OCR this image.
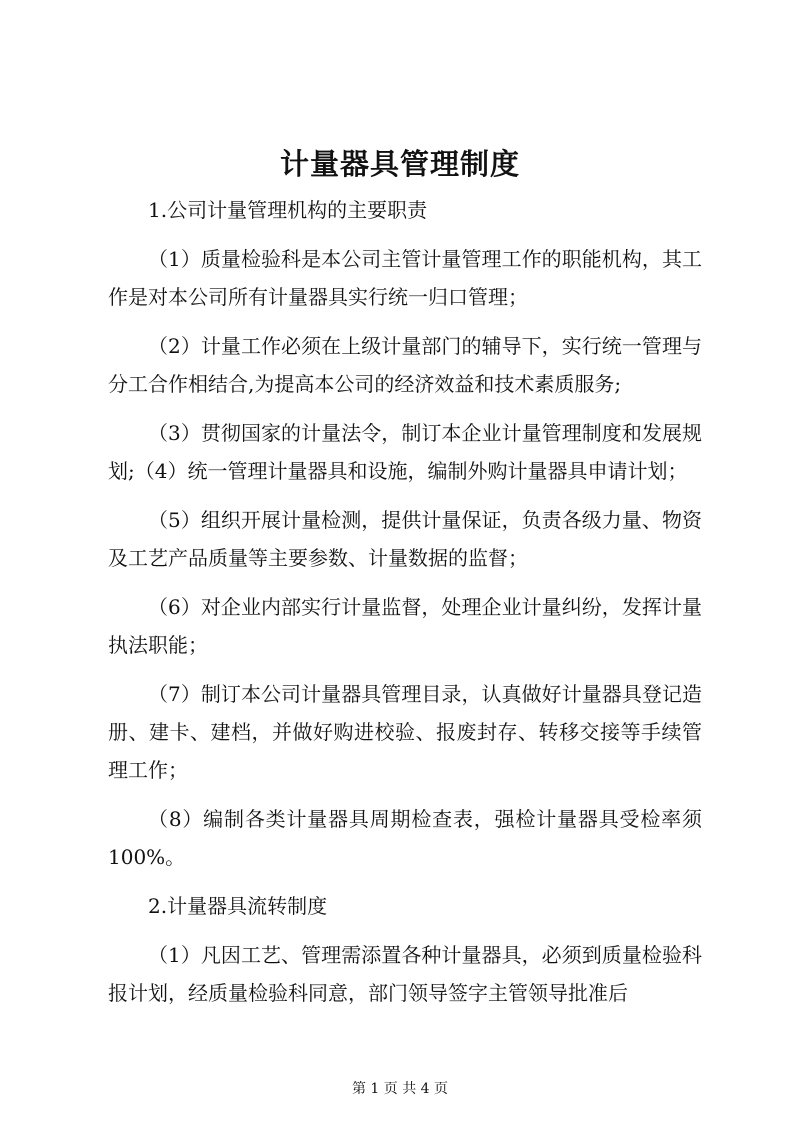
计量器具管理制度

1.公司计量管理机构的主要职责

（1）质量检验科是本公司主管计量管理工作的职能机构，其工作是对本公司所有计量器具实行统一归口管理；

（2）计量工作必须在上级计量部门的辅导下，实行统一管理与分工合作相结合,为提高本公司的经济效益和技术素质服务;

（3）贯彻国家的计量法令，制订本企业计量管理制度和发展规划;（4）统一管理计量器具和设施，编制外购计量器具申请计划；

（5）组织开展计量检测，提供计量保证，负责各级力量、物资及工艺产品质量等主要参数、计量数据的监督；

（6）对企业内部实行计量监督，处理企业计量纠纷，发挥计量执法职能；

（7）制订本公司计量器具管理目录，认真做好计量器具登记造册、建卡、建档，并做好购进校验、报废封存、转移交接等手续管理工作；

（8）编制各类计量器具周期检查表，强检计量器具受检率须100%。

2.计量器具流转制度

（1）凡因工艺、管理需添置各种计量器具，必须到质量检验科报计划，经质量检验科同意，部门领导签字主管领导批准后

第 1 页 共 4 页
